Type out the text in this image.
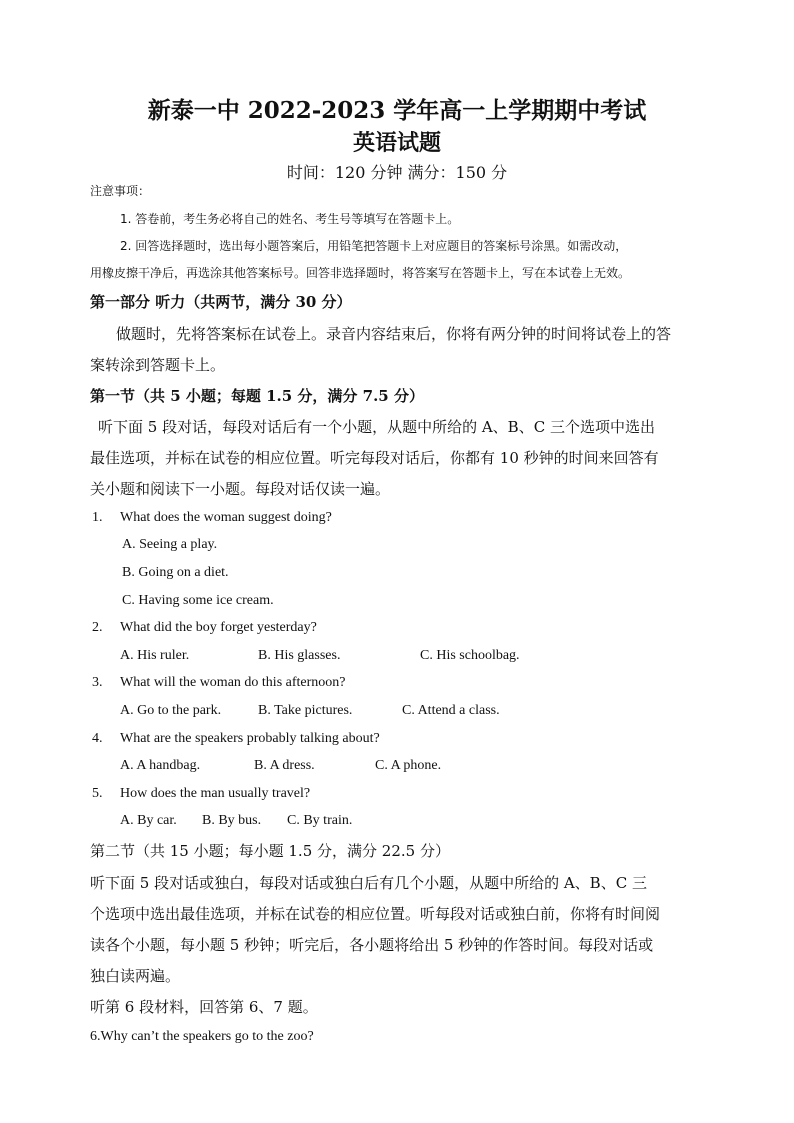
新泰一中 2022-2023 学年高一上学期期中考试
英语试题
时间：120 分钟 满分：150 分
注意事项：
1. 答卷前，考生务必将自己的姓名、考生号等填写在答题卡上。
2. 回答选择题时，选出每小题答案后，用铅笔把答题卡上对应题目的答案标号涂黑。如需改动，
用橡皮擦干净后，再选涂其他答案标号。回答非选择题时，将答案写在答题卡上，写在本试卷上无效。
第一部分 听力（共两节，满分 30 分）
做题时，先将答案标在试卷上。录音内容结束后，你将有两分钟的时间将试卷上的答
案转涂到答题卡上。
第一节（共 5 小题；每题 1.5 分，满分 7.5 分）
听下面 5 段对话，每段对话后有一个小题，从题中所给的 A、B、C 三个选项中选出
最佳选项，并标在试卷的相应位置。听完每段对话后，你都有 10 秒钟的时间来回答有
关小题和阅读下一小题。每段对话仅读一遍。
1. What does the woman suggest doing?
A. Seeing a play.
B. Going on a diet.
C. Having some ice cream.
2. What did the boy forget yesterday?
A. His ruler.	B. His glasses.	C. His schoolbag.
3. What will the woman do this afternoon?
A. Go to the park.	B. Take pictures.	C. Attend a class.
4. What are the speakers probably talking about?
A. A handbag.	B. A dress.	C. A phone.
5. How does the man usually travel?
A. By car. B. By bus. C. By train.
第二节（共 15 小题；每小题 1.5 分，满分 22.5 分）
听下面 5 段对话或独白，每段对话或独白后有几个小题，从题中所给的 A、B、C 三
个选项中选出最佳选项，并标在试卷的相应位置。听每段对话或独白前，你将有时间阅
读各个小题，每小题 5 秒钟；听完后，各小题将给出 5 秒钟的作答时间。每段对话或
独白读两遍。
听第 6 段材料，回答第 6、7 题。
6.Why can’t the speakers go to the zoo?
